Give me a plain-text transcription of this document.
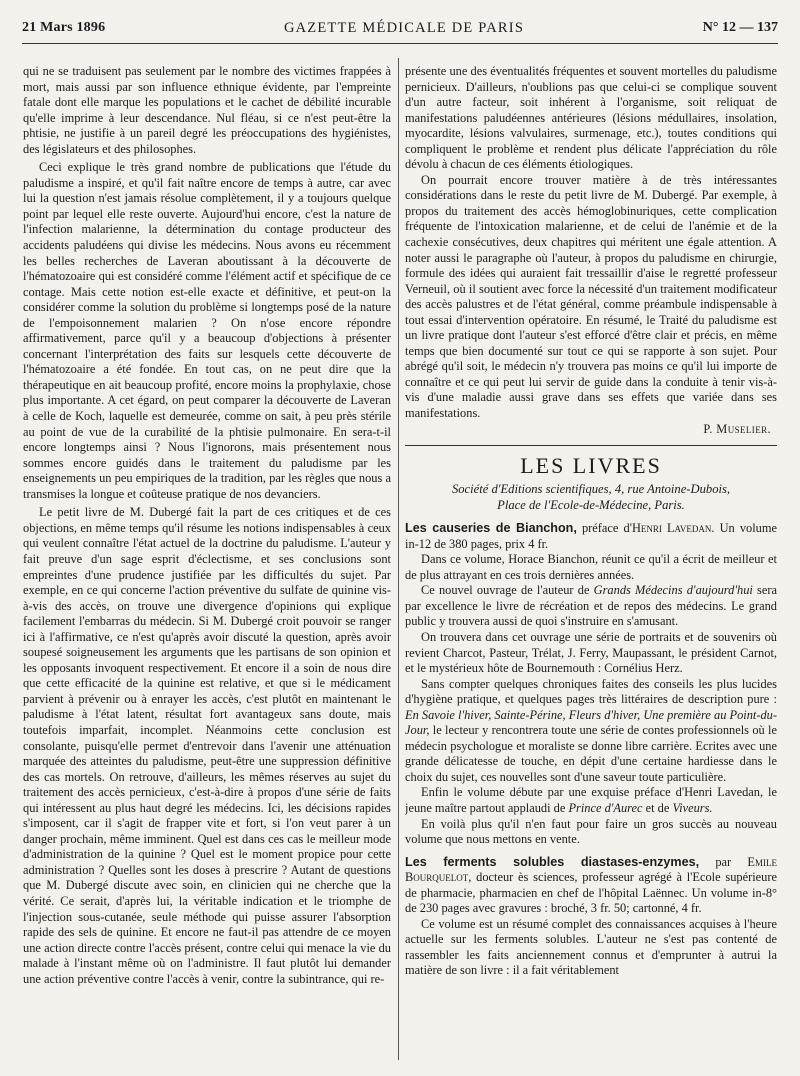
21 Mars 1896	GAZETTE MÉDICALE DE PARIS	N° 12 — 137

qui ne se traduisent pas seulement par le nombre des victimes frappées à mort, mais aussi par son influence ethnique évidente, par l'empreinte fatale dont elle marque les populations et le cachet de débilité incurable qu'elle imprime à leur descendance. Nul fléau, si ce n'est peut-être la phtisie, ne justifie à un pareil degré les préoccupations des hygiénistes, des législateurs et des philosophes.

Ceci explique le très grand nombre de publications que l'étude du paludisme a inspiré, et qu'il fait naître encore de temps à autre, car avec lui la question n'est jamais résolue complètement, il y a toujours quelque point par lequel elle reste ouverte. Aujourd'hui encore, c'est la nature de l'infection malarienne, la détermination du contage producteur des accidents paludéens qui divise les médecins. Nous avons eu récemment les belles recherches de Laveran aboutissant à la découverte de l'hématozoaire qui est considéré comme l'élément actif et spécifique de ce contage. Mais cette notion est-elle exacte et définitive, et peut-on la considérer comme la solution du problème si longtemps posé de la nature de l'empoisonnement malarien ? On n'ose encore répondre affirmativement, parce qu'il y a beaucoup d'objections à présenter concernant l'interprétation des faits sur lesquels cette découverte de l'hématozoaire a été fondée. En tout cas, on ne peut dire que la thérapeutique en ait beaucoup profité, encore moins la prophylaxie, chose plus importante. A cet égard, on peut comparer la découverte de Laveran à celle de Koch, laquelle est demeurée, comme on sait, à peu près stérile au point de vue de la curabilité de la phtisie pulmonaire. En sera-t-il encore longtemps ainsi ? Nous l'ignorons, mais présentement nous sommes encore guidés dans le traitement du paludisme par les enseignements un peu empiriques de la tradition, par les règles que nous a transmises la longue et coûteuse pratique de nos devanciers.

Le petit livre de M. Dubergé fait la part de ces critiques et de ces objections, en même temps qu'il résume les notions indispensables à ceux qui veulent connaître l'état actuel de la doctrine du paludisme. L'auteur y fait preuve d'un sage esprit d'éclectisme, et ses conclusions sont empreintes d'une prudence justifiée par les difficultés du sujet. Par exemple, en ce qui concerne l'action préventive du sulfate de quinine vis-à-vis des accès, on trouve une divergence d'opinions qui explique facilement l'embarras du médecin. Si M. Dubergé croit pouvoir se ranger ici à l'affirmative, ce n'est qu'après avoir discuté la question, après avoir soupesé soigneusement les arguments que les partisans de son opinion et les opposants invoquent respectivement. Et encore il a soin de nous dire que cette efficacité de la quinine est relative, et que si le médicament parvient à prévenir ou à enrayer les accès, c'est plutôt en maintenant le paludisme à l'état latent, résultat fort avantageux sans doute, mais toutefois imparfait, incomplet. Néanmoins cette conclusion est consolante, puisqu'elle permet d'entrevoir dans l'avenir une atténuation marquée des atteintes du paludisme, peut-être une suppression définitive des cas mortels. On retrouve, d'ailleurs, les mêmes réserves au sujet du traitement des accès pernicieux, c'est-à-dire à propos d'une série de faits qui intéressent au plus haut degré les médecins. Ici, les décisions rapides s'imposent, car il s'agit de frapper vite et fort, si l'on veut parer à un danger prochain, même imminent. Quel est dans ces cas le meilleur mode d'administration de la quinine ? Quel est le moment propice pour cette administration ? Quelles sont les doses à prescrire ? Autant de questions que M. Dubergé discute avec soin, en clinicien qui ne cherche que la vérité. Ce serait, d'après lui, la véritable indication et le triomphe de l'injection sous-cutanée, seule méthode qui puisse assurer l'absorption rapide des sels de quinine. Et encore ne faut-il pas attendre de ce moyen une action directe contre l'accès présent, contre celui qui menace la vie du malade à l'instant même où on l'administre. Il faut plutôt lui demander une action préventive contre l'accès à venir, contre la subintrance, qui re-

présente une des éventualités fréquentes et souvent mortelles du paludisme pernicieux. D'ailleurs, n'oublions pas que celui-ci se complique souvent d'un autre facteur, soit inhérent à l'organisme, soit reliquat de manifestations paludéennes antérieures (lésions médullaires, insolation, myocardite, lésions valvulaires, surmenage, etc.), toutes conditions qui compliquent le problème et rendent plus délicate l'appréciation du rôle dévolu à chacun de ces éléments étiologiques.

On pourrait encore trouver matière à de très intéressantes considérations dans le reste du petit livre de M. Dubergé. Par exemple, à propos du traitement des accès hémoglobinuriques, cette complication fréquente de l'intoxication malarienne, et de celui de l'anémie et de la cachexie consécutives, deux chapitres qui méritent une égale attention. A noter aussi le paragraphe où l'auteur, à propos du paludisme en chirurgie, formule des idées qui auraient fait tressaillir d'aise le regretté professeur Verneuil, où il soutient avec force la nécessité d'un traitement modificateur des accès palustres et de l'état général, comme préambule indispensable à tout essai d'intervention opératoire. En résumé, le Traité du paludisme est un livre pratique dont l'auteur s'est efforcé d'être clair et précis, en même temps que bien documenté sur tout ce qui se rapporte à son sujet. Pour abrégé qu'il soit, le médecin n'y trouvera pas moins ce qu'il lui importe de connaître et ce qui peut lui servir de guide dans la conduite à tenir vis-à-vis d'une maladie aussi grave dans ses effets que variée dans ses manifestations.

P. Muselier.

LES LIVRES
Société d'Editions scientifiques, 4, rue Antoine-Dubois,
Place de l'Ecole-de-Médecine, Paris.

Les causeries de Bianchon, préface d'Henri Lavedan. Un volume in-12 de 380 pages, prix 4 fr.

Dans ce volume, Horace Bianchon, réunit ce qu'il a écrit de meilleur et de plus attrayant en ces trois dernières années.

Ce nouvel ouvrage de l'auteur de Grands Médecins d'aujourd'hui sera par excellence le livre de récréation et de repos des médecins. Le grand public y trouvera aussi de quoi s'instruire en s'amusant.

On trouvera dans cet ouvrage une série de portraits et de souvenirs où revient Charcot, Pasteur, Trélat, J. Ferry, Maupassant, le président Carnot, et le mystérieux hôte de Bournemouth : Cornélius Herz.

Sans compter quelques chroniques faites des conseils les plus lucides d'hygiène pratique, et quelques pages très littéraires de description pure : En Savoie l'hiver, Sainte-Périne, Fleurs d'hiver, Une première au Point-du-Jour, le lecteur y rencontrera toute une série de contes professionnels où le médecin psychologue et moraliste se donne libre carrière. Ecrites avec une grande délicatesse de touche, en dépit d'une certaine hardiesse dans le choix du sujet, ces nouvelles sont d'une saveur toute particulière.

Enfin le volume débute par une exquise préface d'Henri Lavedan, le jeune maître partout applaudi de Prince d'Aurec et de Viveurs.

En voilà plus qu'il n'en faut pour faire un gros succès au nouveau volume que nous mettons en vente.

Les ferments solubles diastases-enzymes, par Emile Bourquelot, docteur ès sciences, professeur agrégé à l'Ecole supérieure de pharmacie, pharmacien en chef de l'hôpital Laënnec. Un volume in-8° de 230 pages avec gravures : broché, 3 fr. 50; cartonné, 4 fr.

Ce volume est un résumé complet des connaissances acquises à l'heure actuelle sur les ferments solubles. L'auteur ne s'est pas contenté de rassembler les faits anciennement connus et d'emprunter à autrui la matière de son livre : il a fait véritablement
